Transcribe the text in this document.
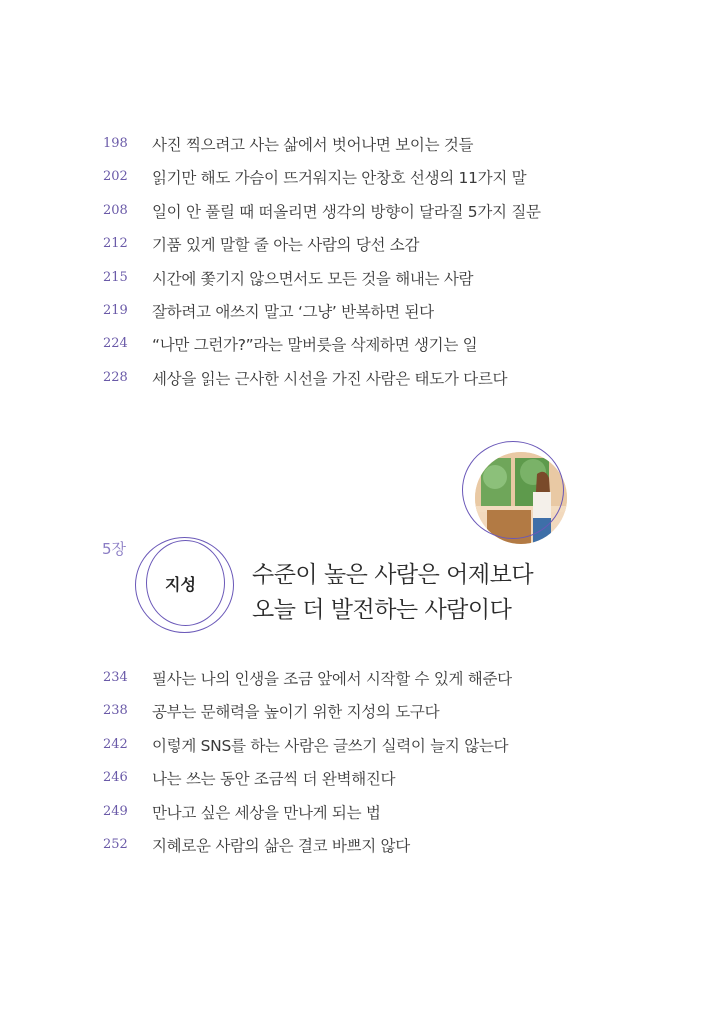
198	사진 찍으려고 사는 삶에서 벗어나면 보이는 것들
202	읽기만 해도 가슴이 뜨거워지는 안창호 선생의 11가지 말
208	일이 안 풀릴 때 떠올리면 생각의 방향이 달라질 5가지 질문
212	기품 있게 말할 줄 아는 사람의 당선 소감
215	시간에 쫓기지 않으면서도 모든 것을 해내는 사람
219	잘하려고 애쓰지 말고 ‘그냥’ 반복하면 된다
224	“나만 그런가?”라는 말버릇을 삭제하면 생기는 일
228	세상을 읽는 근사한 시선을 가진 사람은 태도가 다르다
5장
지성 수준이 높은 사람은 어제보다
오늘 더 발전하는 사람이다
234	필사는 나의 인생을 조금 앞에서 시작할 수 있게 해준다
238	공부는 문해력을 높이기 위한 지성의 도구다
242	이렇게 SNS를 하는 사람은 글쓰기 실력이 늘지 않는다
246	나는 쓰는 동안 조금씩 더 완벽해진다
249	만나고 싶은 세상을 만나게 되는 법
252	지혜로운 사람의 삶은 결코 바쁘지 않다
